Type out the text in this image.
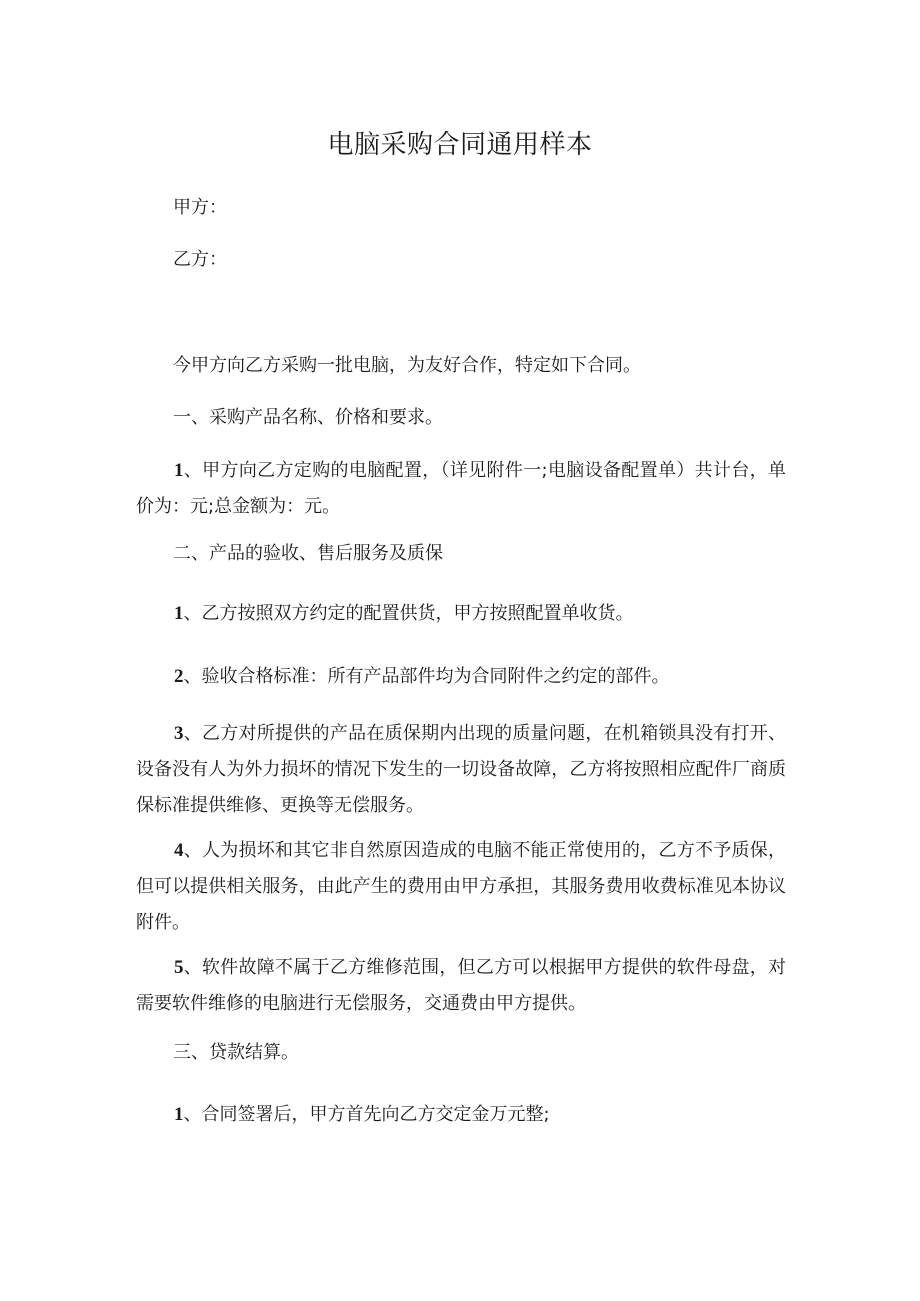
电脑采购合同通用样本

甲方：

乙方：

今甲方向乙方采购一批电脑，为友好合作，特定如下合同。

一、采购产品名称、价格和要求。

1、甲方向乙方定购的电脑配置，（详见附件一;电脑设备配置单）共计台，单价为：元;总金额为：元。

二、产品的验收、售后服务及质保

1、乙方按照双方约定的配置供货，甲方按照配置单收货。

2、验收合格标准：所有产品部件均为合同附件之约定的部件。

3、乙方对所提供的产品在质保期内出现的质量问题，在机箱锁具没有打开、设备没有人为外力损坏的情况下发生的一切设备故障，乙方将按照相应配件厂商质保标准提供维修、更换等无偿服务。

4、人为损坏和其它非自然原因造成的电脑不能正常使用的，乙方不予质保，但可以提供相关服务，由此产生的费用由甲方承担，其服务费用收费标准见本协议附件。

5、软件故障不属于乙方维修范围，但乙方可以根据甲方提供的软件母盘，对需要软件维修的电脑进行无偿服务，交通费由甲方提供。

三、贷款结算。

1、合同签署后，甲方首先向乙方交定金万元整;
